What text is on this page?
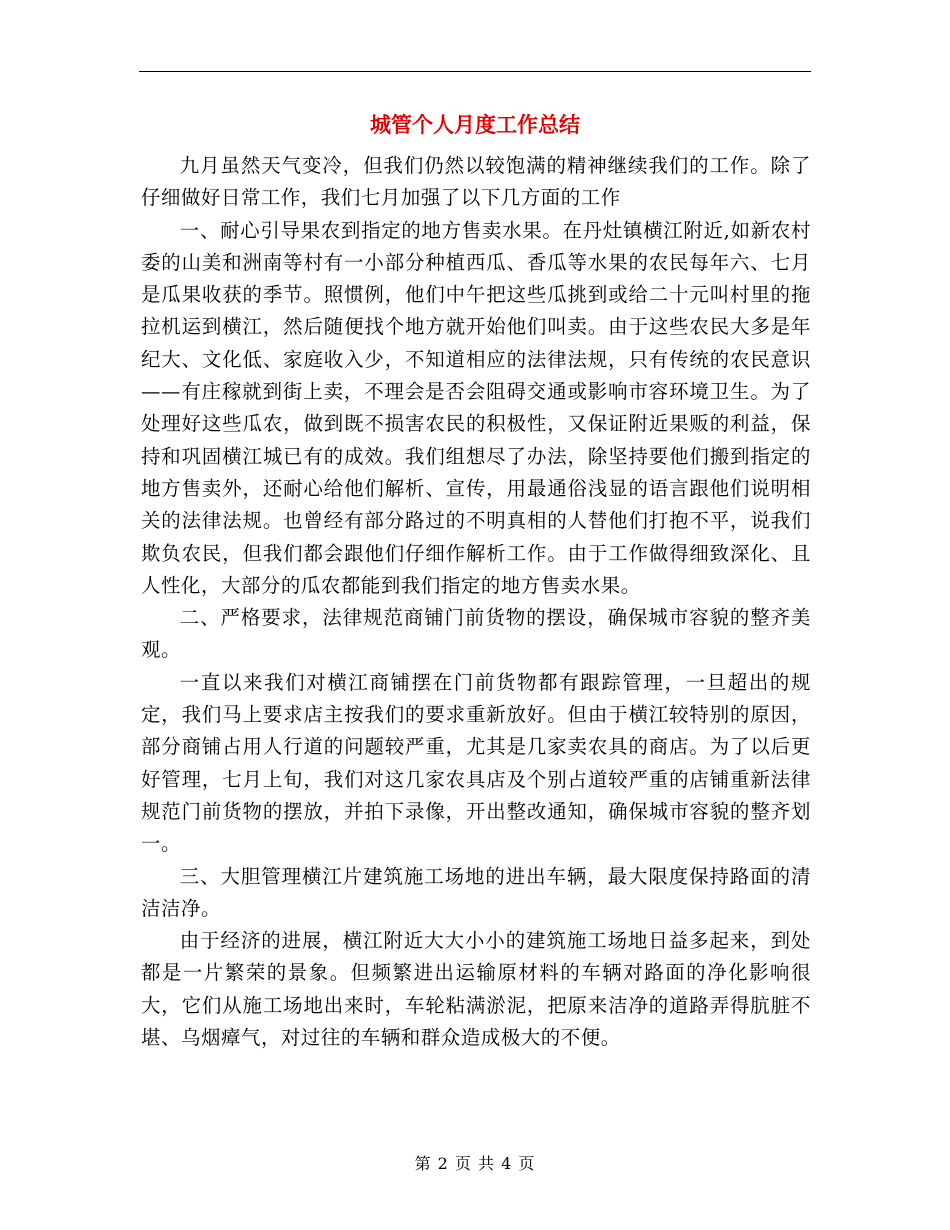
城管个人月度工作总结

九月虽然天气变冷，但我们仍然以较饱满的精神继续我们的工作。除了仔细做好日常工作，我们七月加强了以下几方面的工作

一、耐心引导果农到指定的地方售卖水果。在丹灶镇横江附近,如新农村委的山美和洲南等村有一小部分种植西瓜、香瓜等水果的农民每年六、七月是瓜果收获的季节。照惯例，他们中午把这些瓜挑到或给二十元叫村里的拖拉机运到横江，然后随便找个地方就开始他们叫卖。由于这些农民大多是年纪大、文化低、家庭收入少，不知道相应的法律法规，只有传统的农民意识——有庄稼就到街上卖，不理会是否会阻碍交通或影响市容环境卫生。为了处理好这些瓜农，做到既不损害农民的积极性，又保证附近果贩的利益，保持和巩固横江城已有的成效。我们组想尽了办法，除坚持要他们搬到指定的地方售卖外，还耐心给他们解析、宣传，用最通俗浅显的语言跟他们说明相关的法律法规。也曾经有部分路过的不明真相的人替他们打抱不平，说我们欺负农民，但我们都会跟他们仔细作解析工作。由于工作做得细致深化、且人性化，大部分的瓜农都能到我们指定的地方售卖水果。

二、严格要求，法律规范商铺门前货物的摆设，确保城市容貌的整齐美观。

一直以来我们对横江商铺摆在门前货物都有跟踪管理，一旦超出的规定，我们马上要求店主按我们的要求重新放好。但由于横江较特别的原因，部分商铺占用人行道的问题较严重，尤其是几家卖农具的商店。为了以后更好管理，七月上旬，我们对这几家农具店及个别占道较严重的店铺重新法律规范门前货物的摆放，并拍下录像，开出整改通知，确保城市容貌的整齐划一。

三、大胆管理横江片建筑施工场地的进出车辆，最大限度保持路面的清洁洁净。

由于经济的进展，横江附近大大小小的建筑施工场地日益多起来，到处都是一片繁荣的景象。但频繁进出运输原材料的车辆对路面的净化影响很大，它们从施工场地出来时，车轮粘满淤泥，把原来洁净的道路弄得肮脏不堪、乌烟瘴气，对过往的车辆和群众造成极大的不便。

第 2 页 共 4 页
